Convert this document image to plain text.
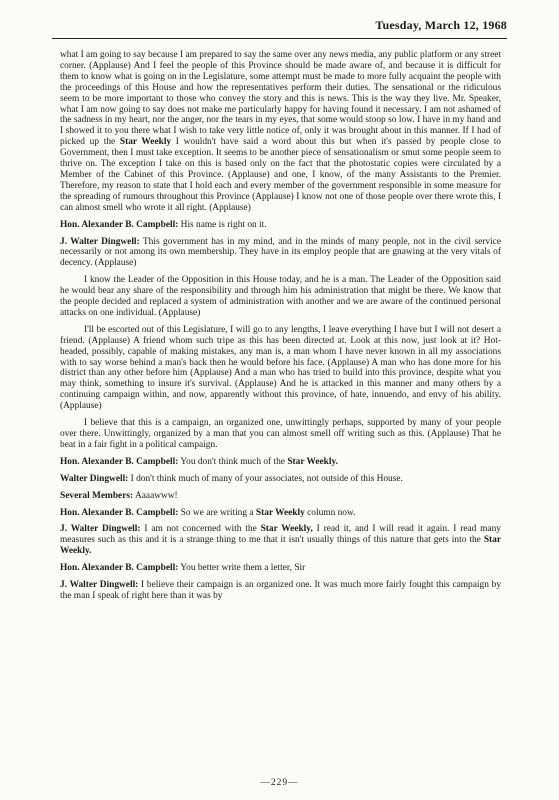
Tuesday, March 12, 1968

what I am going to say because I am prepared to say the same over any news media, any public platform or any street corner. (Applause) And I feel the people of this Province should be made aware of, and because it is difficult for them to know what is going on in the Legislature, some attempt must be made to more fully acquaint the people with the proceedings of this House and how the representatives perform their duties. The sensational or the ridiculous seem to be more important to those who convey the story and this is news. This is the way they live. Mr. Speaker, what I am now going to say does not make me particularly happy for having found it necessary. I am not ashamed of the sadness in my heart, nor the anger, nor the tears in my eyes, that some would stoop so low. I have in my hand and I showed it to you there what I wish to take very little notice of, only it was brought about in this manner. If I had of picked up the Star Weekly I wouldn't have said a word about this but when it's passed by people close to Government, then I must take exception. It seems to be another piece of sensationalism or smut some people seem to thrive on. The exception I take on this is based only on the fact that the photostatic copies were circulated by a Member of the Cabinet of this Province. (Applause) and one, I know, of the many Assistants to the Premier. Therefore, my reason to state that I hold each and every member of the government responsible in some measure for the spreading of rumours throughout this Province (Applause) I know not one of those people over there wrote this, I can almost smell who wrote it all right. (Applause)

Hon. Alexander B. Campbell: His name is right on it.

J. Walter Dingwell: This government has in my mind, and in the minds of many people, not in the civil service necessarily or not among its own membership. They have in its employ people that are gnawing at the very vitals of decency. (Applause)

I know the Leader of the Opposition in this House today, and he is a man. The Leader of the Opposition said he would bear any share of the responsibility and through him his administration that might be there. We know that the people decided and replaced a system of administration with another and we are aware of the continued personal attacks on one individual. (Applause)

I'll be escorted out of this Legislature, I will go to any lengths, I leave everything I have but I will not desert a friend. (Applause) A friend whom such tripe as this has been directed at. Look at this now, just look at it? Hot-headed, possibly, capable of making mistakes, any man is, a man whom I have never known in all my associations with to say worse behind a man's back then he would before his face. (Applause) A man who has done more for his district than any other before him (Applause) And a man who has tried to build into this province, despite what you may think, something to insure it's survival. (Applause) And he is attacked in this manner and many others by a continuing campaign within, and now, apparently without this province, of hate, innuendo, and envy of his ability. (Applause)

I believe that this is a campaign, an organized one, unwittingly perhaps, supported by many of your people over there. Unwittingly, organized by a man that you can almost smell off writing such as this. (Applause) That he beat in a fair fight in a political campaign.

Hon. Alexander B. Campbell: You don't think much of the Star Weekly.

Walter Dingwell: I don't think much of many of your associates, not outside of this House.

Several Members: Aaaawww!

Hon. Alexander B. Campbell: So we are writing a Star Weekly column now.

J. Walter Dingwell: I am not concerned with the Star Weekly, I read it, and I will read it again. I read many measures such as this and it is a strange thing to me that it isn't usually things of this nature that gets into the Star Weekly.

Hon. Alexander B. Campbell: You better write them a letter, Sir

J. Walter Dingwell: I believe their campaign is an organized one. It was much more fairly fought this campaign by the man I speak of right here than it was by

—229—
